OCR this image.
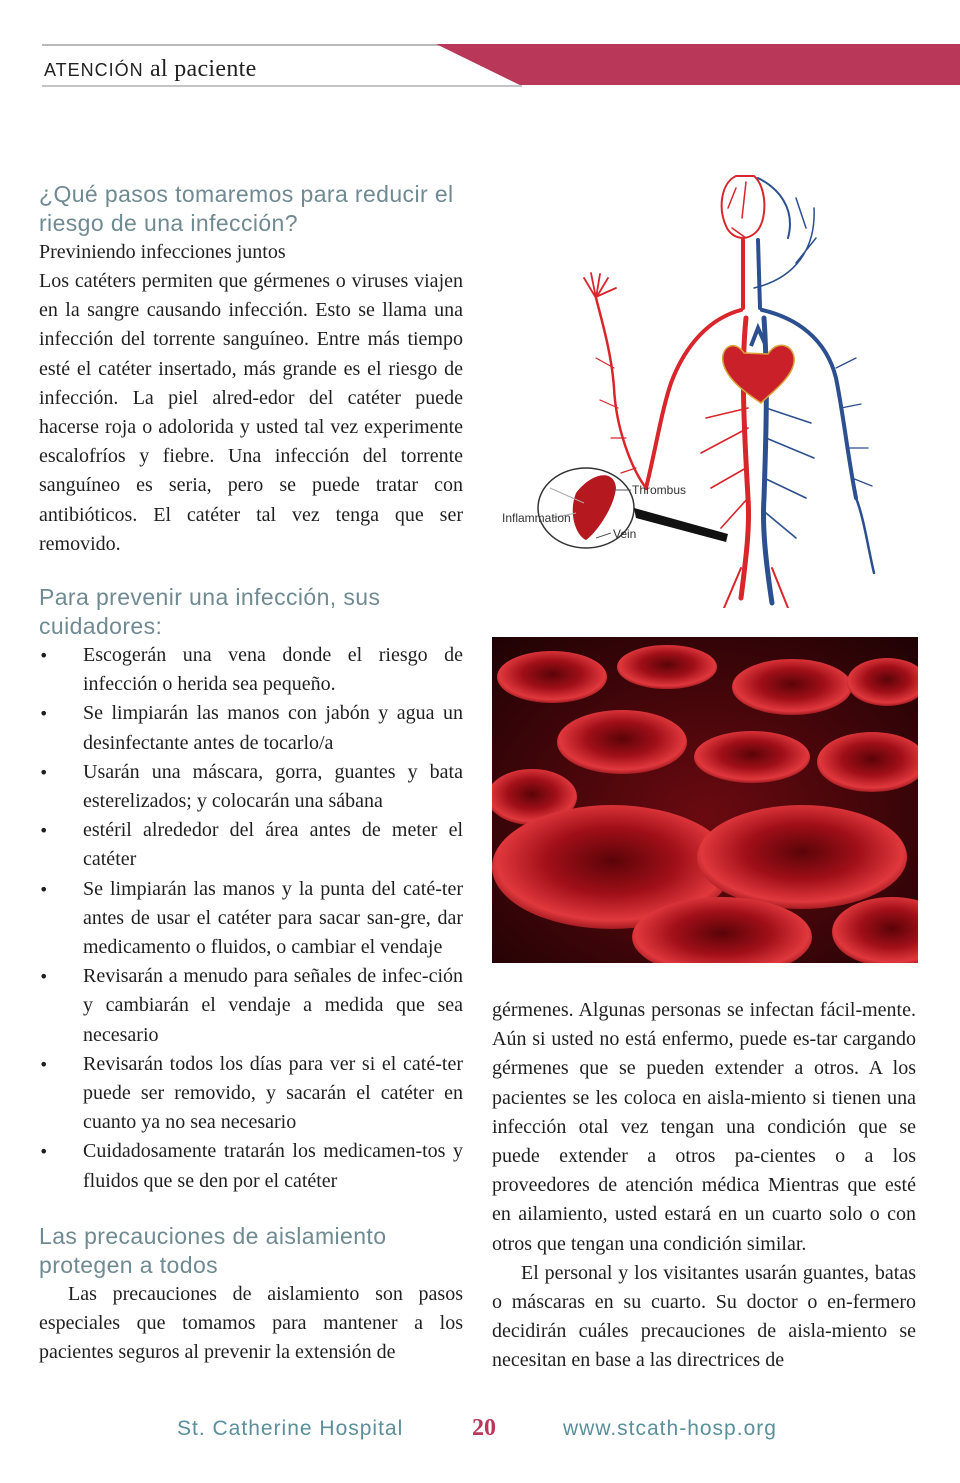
ATENCIÓN al paciente
¿Qué pasos tomaremos para reducir el riesgo de una infección?

Previniendo infecciones juntos

Los catéters permiten que gérmenes o viruses viajen en la sangre causando infección. Esto se llama una infección del torrente sanguíneo. Entre más tiempo esté el catéter insertado, más grande es el riesgo de infección. La piel alred-edor del catéter puede hacerse roja o adolorida y usted tal vez experimente escalofríos y fiebre. Una infección del torrente sanguíneo es seria, pero se puede tratar con antibióticos. El catéter tal vez tenga que ser removido.

Para prevenir una infección, sus cuidadores:
• Escogerán una vena donde el riesgo de infección o herida sea pequeño.
• Se limpiarán las manos con jabón y agua un desinfectante antes de tocarlo/a
• Usarán una máscara, gorra, guantes y bata esterelizados; y colocarán una sábana
• estéril alrededor del área antes de meter el catéter
• Se limpiarán las manos y la punta del caté-ter antes de usar el catéter para sacar san-gre, dar medicamento o fluidos, o cambiar el vendaje
• Revisarán a menudo para señales de infec-ción y cambiarán el vendaje a medida que sea necesario
• Revisarán todos los días para ver si el caté-ter puede ser removido, y sacarán el catéter en cuanto ya no sea necesario
• Cuidadosamente tratarán los medicamen-tos y fluidos que se den por el catéter
Las precauciones de aislamiento protegen a todos

Las precauciones de aislamiento son pasos especiales que tomamos para mantener a los pacientes seguros al prevenir la extensión de

Thrombus
Inflammation
Vein

gérmenes. Algunas personas se infectan fácil-mente. Aún si usted no está enfermo, puede es-tar cargando gérmenes que se pueden extender a otros. A los pacientes se les coloca en aisla-miento si tienen una infección otal vez tengan una condición que se puede extender a otros pa-cientes o a los proveedores de atención médica Mientras que esté en ailamiento, usted estará en un cuarto solo o con otros que tengan una condición similar.

El personal y los visitantes usarán guantes, batas o máscaras en su cuarto. Su doctor o en-fermero decidirán cuáles precauciones de aisla-miento se necesitan en base a las directrices de

St. Catherine Hospital	20	www.stcath-hosp.org
